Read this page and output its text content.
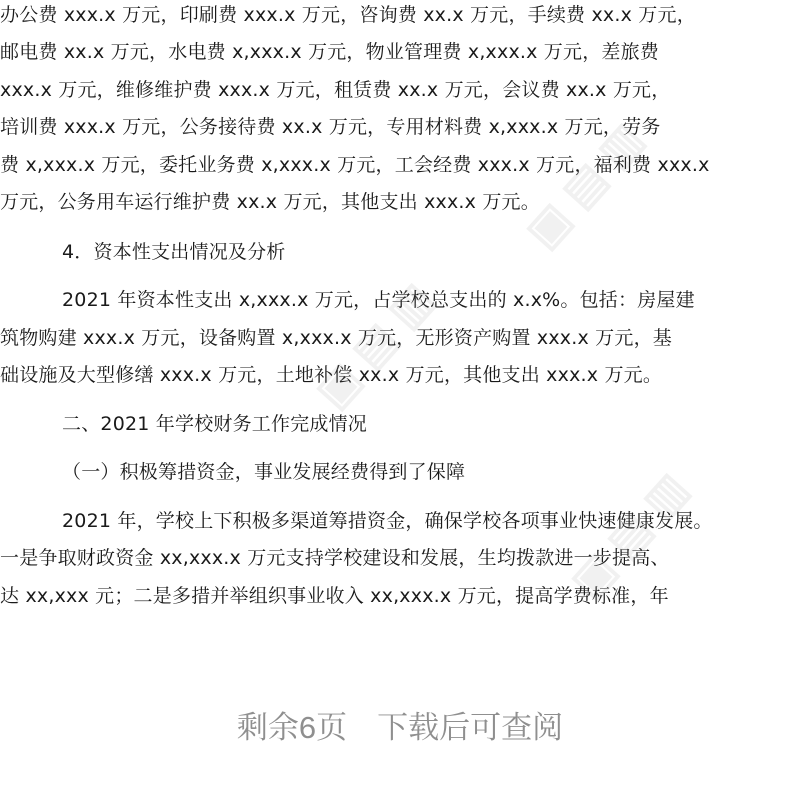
办公费 xxx.x 万元，印刷费 xxx.x 万元，咨询费 xx.x 万元，手续费 xx.x 万元，
邮电费 xx.x 万元，水电费 x,xxx.x 万元，物业管理费 x,xxx.x 万元，差旅费
xxx.x 万元，维修维护费 xxx.x 万元，租赁费 xx.x 万元，会议费 xx.x 万元，
培训费 xxx.x 万元，公务接待费 xx.x 万元，专用材料费 x,xxx.x 万元，劳务
费 x,xxx.x 万元，委托业务费 x,xxx.x 万元，工会经费 xxx.x 万元，福利费 xxx.x
万元，公务用车运行维护费 xx.x 万元，其他支出 xxx.x 万元。
4．资本性支出情况及分析
2021 年资本性支出 x,xxx.x 万元，占学校总支出的 x.x%。包括：房屋建
筑物购建 xxx.x 万元，设备购置 x,xxx.x 万元，无形资产购置 xxx.x 万元，基
础设施及大型修缮 xxx.x 万元，土地补偿 xx.x 万元，其他支出 xxx.x 万元。
二、2021 年学校财务工作完成情况
（一）积极筹措资金，事业发展经费得到了保障
2021 年，学校上下积极多渠道筹措资金，确保学校各项事业快速健康发展。
一是争取财政资金 xx,xxx.x 万元支持学校建设和发展，生均拨款进一步提高、
达 xx,xxx 元；二是多措并举组织事业收入 xx,xxx.x 万元，提高学费标准，年
▣ ▤ ▥
▣ ▤ ▥
▣ ▤ ▥
剩余6页 下载后可查阅
